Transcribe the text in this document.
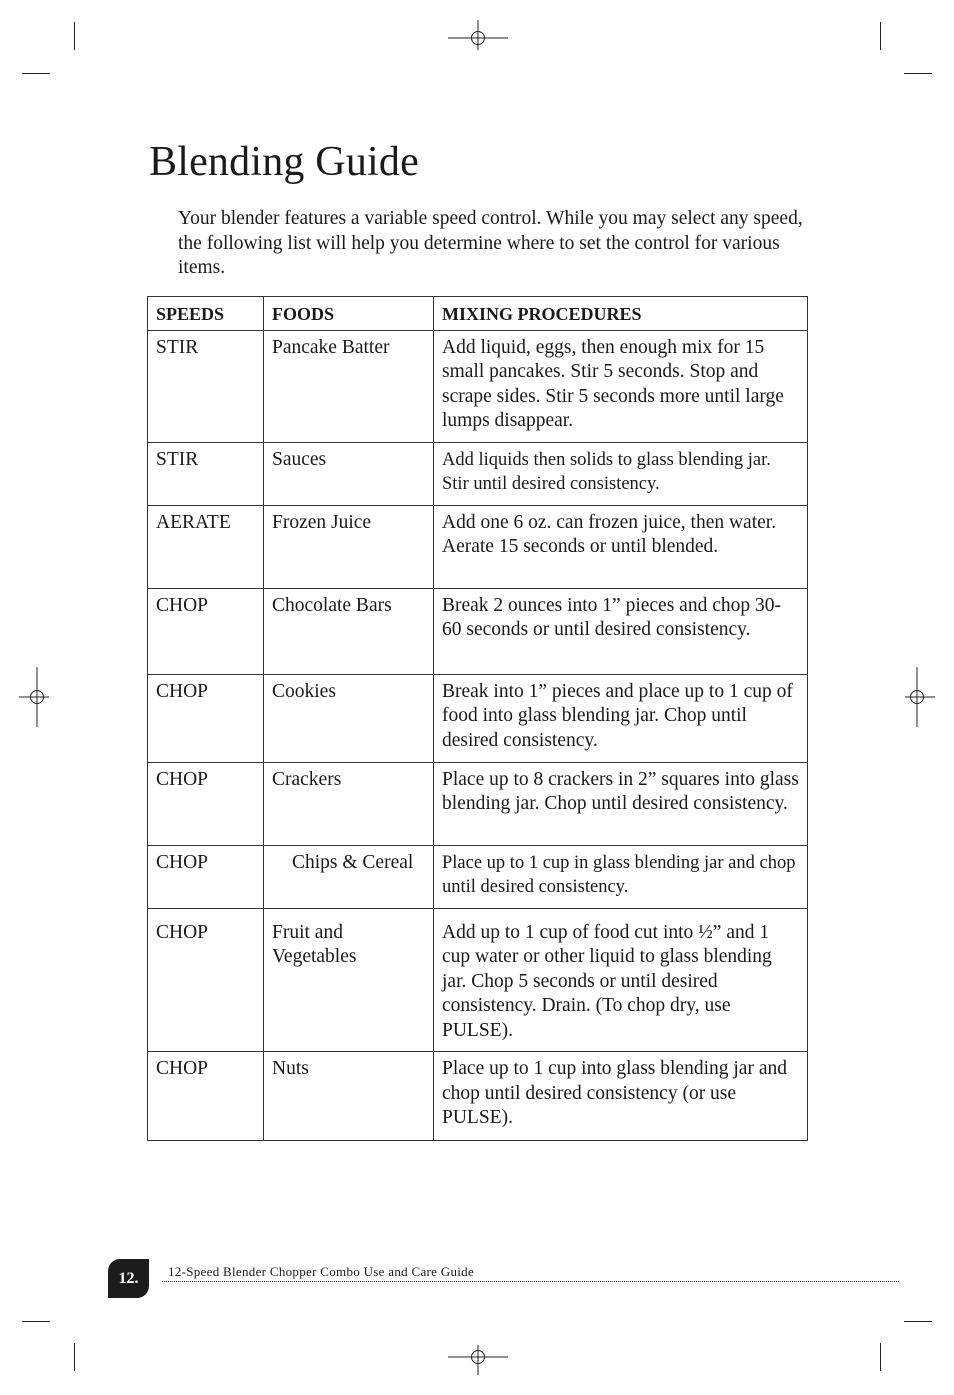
Blending Guide

Your blender features a variable speed control. While you may select any speed, the following list will help you determine where to set the control for various items.

SPEEDS	FOODS	MIXING PROCEDURES
STIR	Pancake Batter	Add liquid, eggs, then enough mix for 15 small pancakes. Stir 5 seconds. Stop and scrape sides. Stir 5 seconds more until large lumps disappear.
STIR	Sauces	Add liquids then solids to glass blending jar. Stir until desired consistency.
AERATE	Frozen Juice	Add one 6 oz. can frozen juice, then water. Aerate 15 seconds or until blended.
CHOP	Chocolate Bars	Break 2 ounces into 1” pieces and chop 30-60 seconds or until desired consistency.
CHOP	Cookies	Break into 1” pieces and place up to 1 cup of food into glass blending jar. Chop until desired consistency.
CHOP	Crackers	Place up to 8 crackers in 2” squares into glass blending jar. Chop until desired consistency.
CHOP	Chips & Cereal	Place up to 1 cup in glass blending jar and chop until desired consistency.
CHOP	Fruit and Vegetables	Add up to 1 cup of food cut into ½” and 1 cup water or other liquid to glass blending jar. Chop 5 seconds or until desired consistency. Drain. (To chop dry, use PULSE).
CHOP	Nuts	Place up to 1 cup into glass blending jar and chop until desired consistency (or use PULSE).
12.	12-Speed Blender Chopper Combo Use and Care Guide
